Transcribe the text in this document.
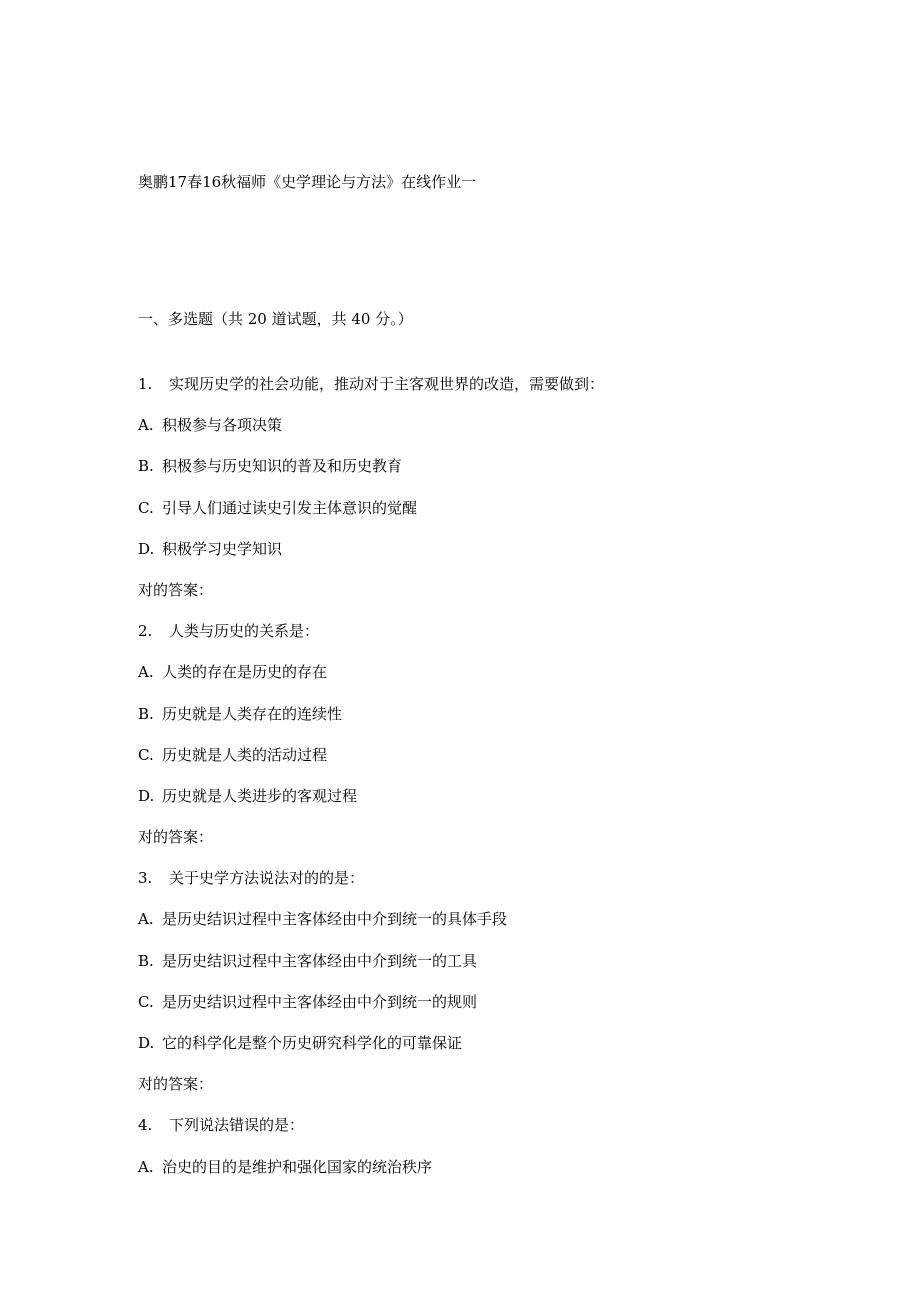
奥鹏17春16秋福师《史学理论与方法》在线作业一
一、多选题（共 20 道试题，共 40 分。）
1. 实现历史学的社会功能，推动对于主客观世界的改造，需要做到：
A. 积极参与各项决策
B. 积极参与历史知识的普及和历史教育
C. 引导人们通过读史引发主体意识的觉醒
D. 积极学习史学知识
对的答案：
2. 人类与历史的关系是：
A. 人类的存在是历史的存在
B. 历史就是人类存在的连续性
C. 历史就是人类的活动过程
D. 历史就是人类进步的客观过程
对的答案：
3. 关于史学方法说法对的的是：
A. 是历史结识过程中主客体经由中介到统一的具体手段
B. 是历史结识过程中主客体经由中介到统一的工具
C. 是历史结识过程中主客体经由中介到统一的规则
D. 它的科学化是整个历史研究科学化的可靠保证
对的答案：
4. 下列说法错误的是：
A. 治史的目的是维护和强化国家的统治秩序
